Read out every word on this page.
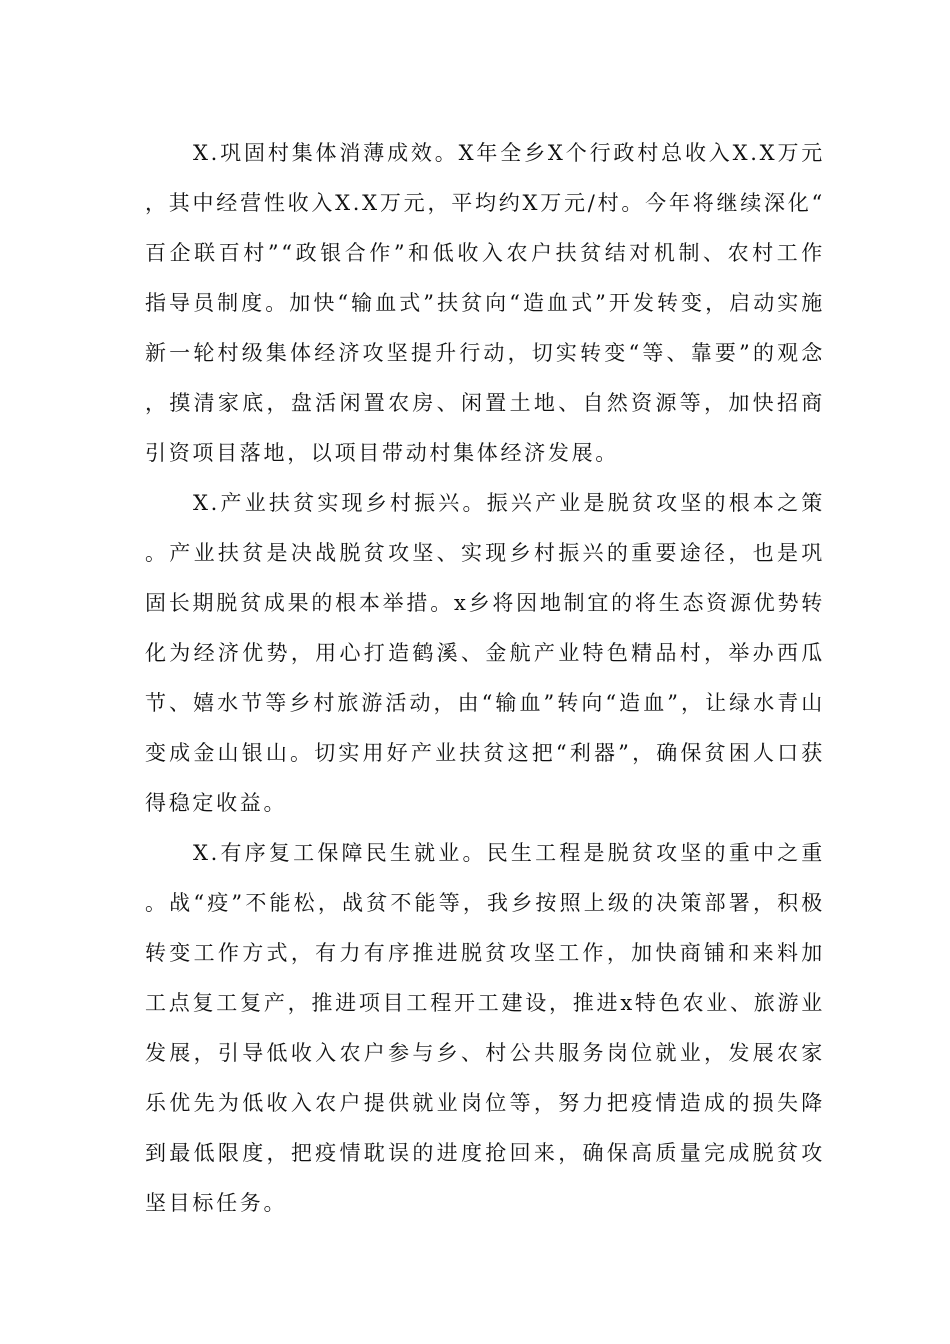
X.巩固村集体消薄成效。X年全乡X个行政村总收入X.X万元，其中经营性收入X.X万元，平均约X万元/村。今年将继续深化“百企联百村”“政银合作”和低收入农户扶贫结对机制、农村工作指导员制度。加快“输血式”扶贫向“造血式”开发转变，启动实施新一轮村级集体经济攻坚提升行动，切实转变“等、靠要”的观念，摸清家底，盘活闲置农房、闲置土地、自然资源等，加快招商引资项目落地，以项目带动村集体经济发展。

X.产业扶贫实现乡村振兴。振兴产业是脱贫攻坚的根本之策。产业扶贫是决战脱贫攻坚、实现乡村振兴的重要途径，也是巩固长期脱贫成果的根本举措。x乡将因地制宜的将生态资源优势转化为经济优势，用心打造鹤溪、金航产业特色精品村，举办西瓜节、嬉水节等乡村旅游活动，由“输血”转向“造血”，让绿水青山变成金山银山。切实用好产业扶贫这把“利器”，确保贫困人口获得稳定收益。

X.有序复工保障民生就业。民生工程是脱贫攻坚的重中之重。战“疫”不能松，战贫不能等，我乡按照上级的决策部署，积极转变工作方式，有力有序推进脱贫攻坚工作，加快商铺和来料加工点复工复产，推进项目工程开工建设，推进x特色农业、旅游业发展，引导低收入农户参与乡、村公共服务岗位就业，发展农家乐优先为低收入农户提供就业岗位等，努力把疫情造成的损失降到最低限度，把疫情耽误的进度抢回来，确保高质量完成脱贫攻坚目标任务。
